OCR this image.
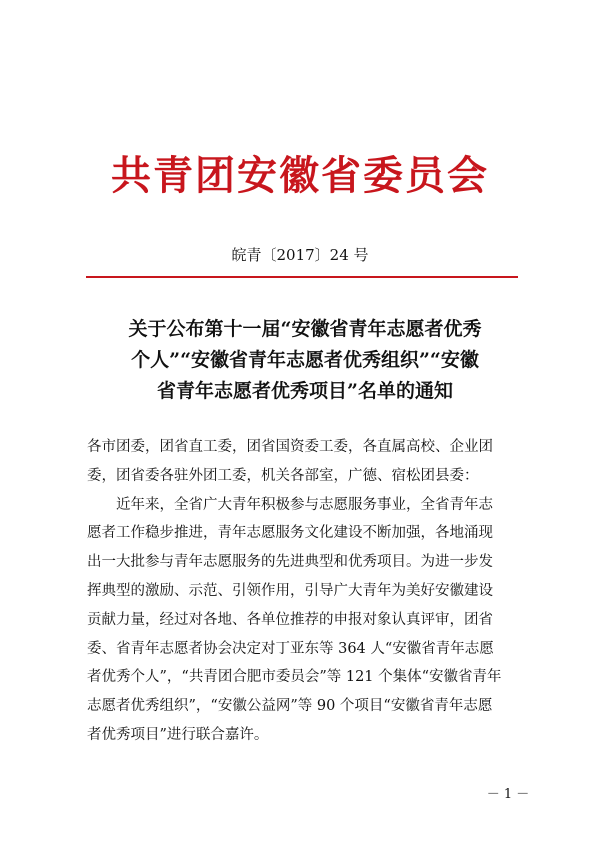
共青团安徽省委员会
皖青〔2017〕24 号
关于公布第十一届“安徽省青年志愿者优秀
个人”“安徽省青年志愿者优秀组织”“安徽
省青年志愿者优秀项目”名单的通知
各市团委，团省直工委，团省国资委工委，各直属高校、企业团
委，团省委各驻外团工委，机关各部室，广德、宿松团县委：
　　近年来，全省广大青年积极参与志愿服务事业，全省青年志
愿者工作稳步推进，青年志愿服务文化建设不断加强，各地涌现
出一大批参与青年志愿服务的先进典型和优秀项目。为进一步发
挥典型的激励、示范、引领作用，引导广大青年为美好安徽建设
贡献力量，经过对各地、各单位推荐的申报对象认真评审，团省
委、省青年志愿者协会决定对丁亚东等 364 人“安徽省青年志愿
者优秀个人”，“共青团合肥市委员会”等 121 个集体“安徽省青年
志愿者优秀组织”，“安徽公益网”等 90 个项目“安徽省青年志愿
者优秀项目”进行联合嘉许。
－ 1 －
